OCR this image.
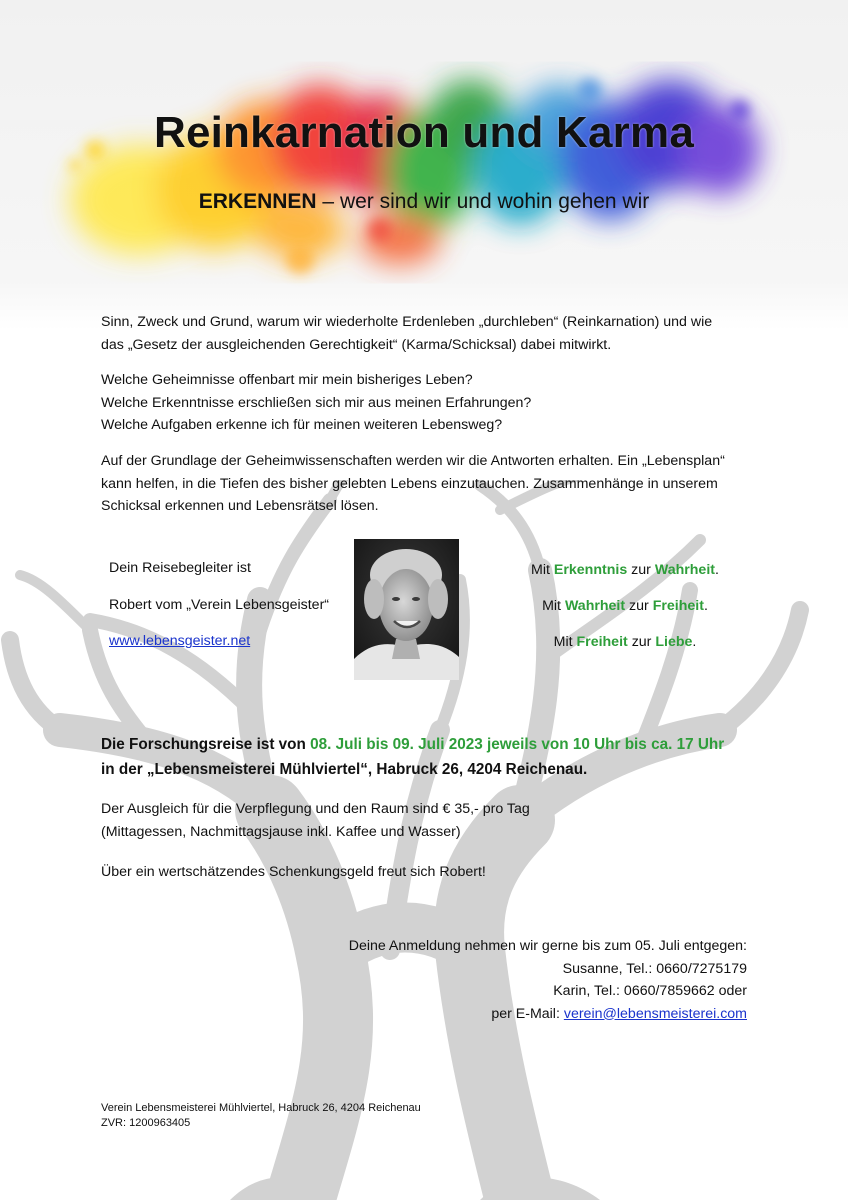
Reinkarnation und Karma
ERKENNEN – wer sind wir und wohin gehen wir
Sinn, Zweck und Grund, warum wir wiederholte Erdenleben „durchleben“ (Reinkarnation) und wie
das „Gesetz der ausgleichenden Gerechtigkeit“ (Karma/Schicksal) dabei mitwirkt.
Welche Geheimnisse offenbart mir mein bisheriges Leben?
Welche Erkenntnisse erschließen sich mir aus meinen Erfahrungen?
Welche Aufgaben erkenne ich für meinen weiteren Lebensweg?
Auf der Grundlage der Geheimwissenschaften werden wir die Antworten erhalten. Ein „Lebensplan“
kann helfen, in die Tiefen des bisher gelebten Lebens einzutauchen. Zusammenhänge in unserem
Schicksal erkennen und Lebensrätsel lösen.
Dein Reisebegleiter ist
Robert vom „Verein Lebensgeister“
www.lebensgeister.net
Mit Erkenntnis zur Wahrheit.
Mit Wahrheit zur Freiheit.
Mit Freiheit zur Liebe.
Die Forschungsreise ist von 08. Juli bis 09. Juli 2023 jeweils von 10 Uhr bis ca. 17 Uhr
in der „Lebensmeisterei Mühlviertel“, Habruck 26, 4204 Reichenau.
Der Ausgleich für die Verpflegung und den Raum sind € 35,- pro Tag
(Mittagessen, Nachmittagsjause inkl. Kaffee und Wasser)
Über ein wertschätzendes Schenkungsgeld freut sich Robert!
Deine Anmeldung nehmen wir gerne bis zum 05. Juli entgegen:
Susanne, Tel.: 0660/7275179
Karin, Tel.: 0660/7859662 oder
per E-Mail: verein@lebensmeisterei.com
Verein Lebensmeisterei Mühlviertel, Habruck 26, 4204 Reichenau
ZVR: 1200963405
